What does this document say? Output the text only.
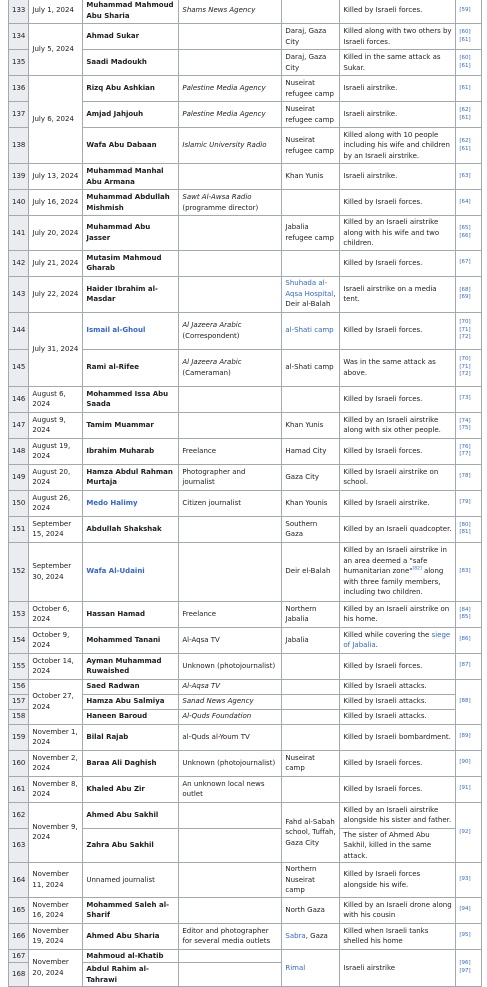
133	July 1, 2024	Muhammad Mahmoud Abu Sharia	Shams News Agency		Killed by Israeli forces.	[59]

134	July 5, 2024	Ahmad Sukar		Daraj, Gaza City	Killed along with two others by Israeli forces.	[60]
[61]

135		Saadi Madoukh		Daraj, Gaza City	Killed in the same attack as Sukar.	[60]
[61]

136	July 6, 2024	Rizq Abu Ashkian	Palestine Media Agency	Nuseirat refugee camp	Israeli airstrike.	[61]

137		Amjad Jahjouh	Palestine Media Agency	Nuseirat refugee camp	Israeli airstrike.	[62]
[61]

138		Wafa Abu Dabaan	Islamic University Radio	Nuseirat refugee camp	Killed along with 10 people including his wife and children by an Israeli airstrike.	[62]
[61]

139	July 13, 2024	Muhammad Manhal Abu Armana		Khan Yunis	Israeli airstrike.	[63]

140	July 16, 2024	Muhammad Abdullah Mishmish	Sawt Al-Awsa Radio (programme director)		Killed by Israeli forces.	[64]

141	July 20, 2024	Muhammad Abu Jasser		Jabalia refugee camp	Killed by an Israeli airstrike along with his wife and two children.	[65]
[66]

142	July 21, 2024	Mutasim Mahmoud Gharab			Killed by Israeli forces.	[67]

143	July 22, 2024	Haider Ibrahim al-Masdar		Shuhada al-Aqsa Hospital, Deir al-Balah	Israeli airstrike on a media tent.	[68]
[69]

144	July 31, 2024	Ismail al-Ghoul	Al Jazeera Arabic (Correspondent)	al-Shati camp	Killed by Israeli forces.	[70]
[71]
[72]

145		Rami al-Rifee	Al Jazeera Arabic (Cameraman)	al-Shati camp	Was in the same attack as above.	[70]
[71]
[72]

146	August 6, 2024	Mohammed Issa Abu Saada			Killed by Israeli forces.	[73]

147	August 9, 2024	Tamim Muammar		Khan Yunis	Killed by an Israeli airstrike along with six other people.	[74]
[75]

148	August 19, 2024	Ibrahim Muharab	Freelance	Hamad City	Killed by Israeli forces.	[76]
[77]

149	August 20, 2024	Hamza Abdul Rahman Murtaja	Photographer and journalist	Gaza City	Killed by Israeli airstrike on school.	[78]

150	August 26, 2024	Medo Halimy	Citizen journalist	Khan Younis	Killed by Israeli airstrike.	[79]

151	September 15, 2024	Abdullah Shakshak		Southern Gaza	Killed by an Israeli quadcopter.	[80]
[81]

152	September 30, 2024	Wafa Al-Udaini		Deir el-Balah	Killed by an Israeli airstrike in an area deemed a "safe humanitarian zone"[82] along with three family members, including two children.	[83]

153	October 6, 2024	Hassan Hamad	Freelance	Northern Jabalia	Killed by an Israeli airstrike on his home.	[84]
[85]

154	October 9, 2024	Mohammed Tanani	Al-Aqsa TV	Jabalia	Killed while covering the siege of Jabalia.	[86]

155	October 14, 2024	Ayman Muhammad Ruwaished	Unknown (photojournalist)		Killed by Israeli forces.	[87]

156	October 27, 2024	Saed Radwan	Al-Aqsa TV		Killed by Israeli attacks.	[88]

157		Hamza Abu Salmiya	Sanad News Agency		Killed by Israeli attacks.	
158		Haneen Baroud	Al-Quds Foundation		Killed by Israeli attacks.	
159	November 1, 2024	Bilal Rajab	al-Quds al-Youm TV		Killed by Israeli bombardment.	[89]

160	November 2, 2024	Baraa Ali Daghish	Unknown (photojournalist)	Nuseirat camp	Killed by Israeli forces.	[90]

161	November 8, 2024	Khaled Abu Zir	An unknown local news outlet		Killed by Israeli forces.	[91]

162	November 9, 2024	Ahmed Abu Sakhil		Fahd al-Sabah school, Tuffah, Gaza City	Killed by an Israeli airstrike alongside his sister and father.	[92]

163		Zahra Abu Sakhil			The sister of Ahmed Abu Sakhil, killed in the same attack.	
164	November 11, 2024	Unnamed journalist		Northern Nuseirat camp	Killed by Israeli forces alongside his wife.	[93]

165	November 16, 2024	Mohammed Saleh al-Sharif		North Gaza	Killed by an Israeli drone along with his cousin	[94]

166	November 19, 2024	Ahmed Abu Sharia	Editor and photographer for several media outlets	Sabra, Gaza	Killed when Israeli tanks shelled his home	[95]

167	November 20, 2024	Mahmoud al-Khatib		Rimal	Israeli airstrike	[96]
[97]

168		Abdul Rahim al-Tahrawi				
